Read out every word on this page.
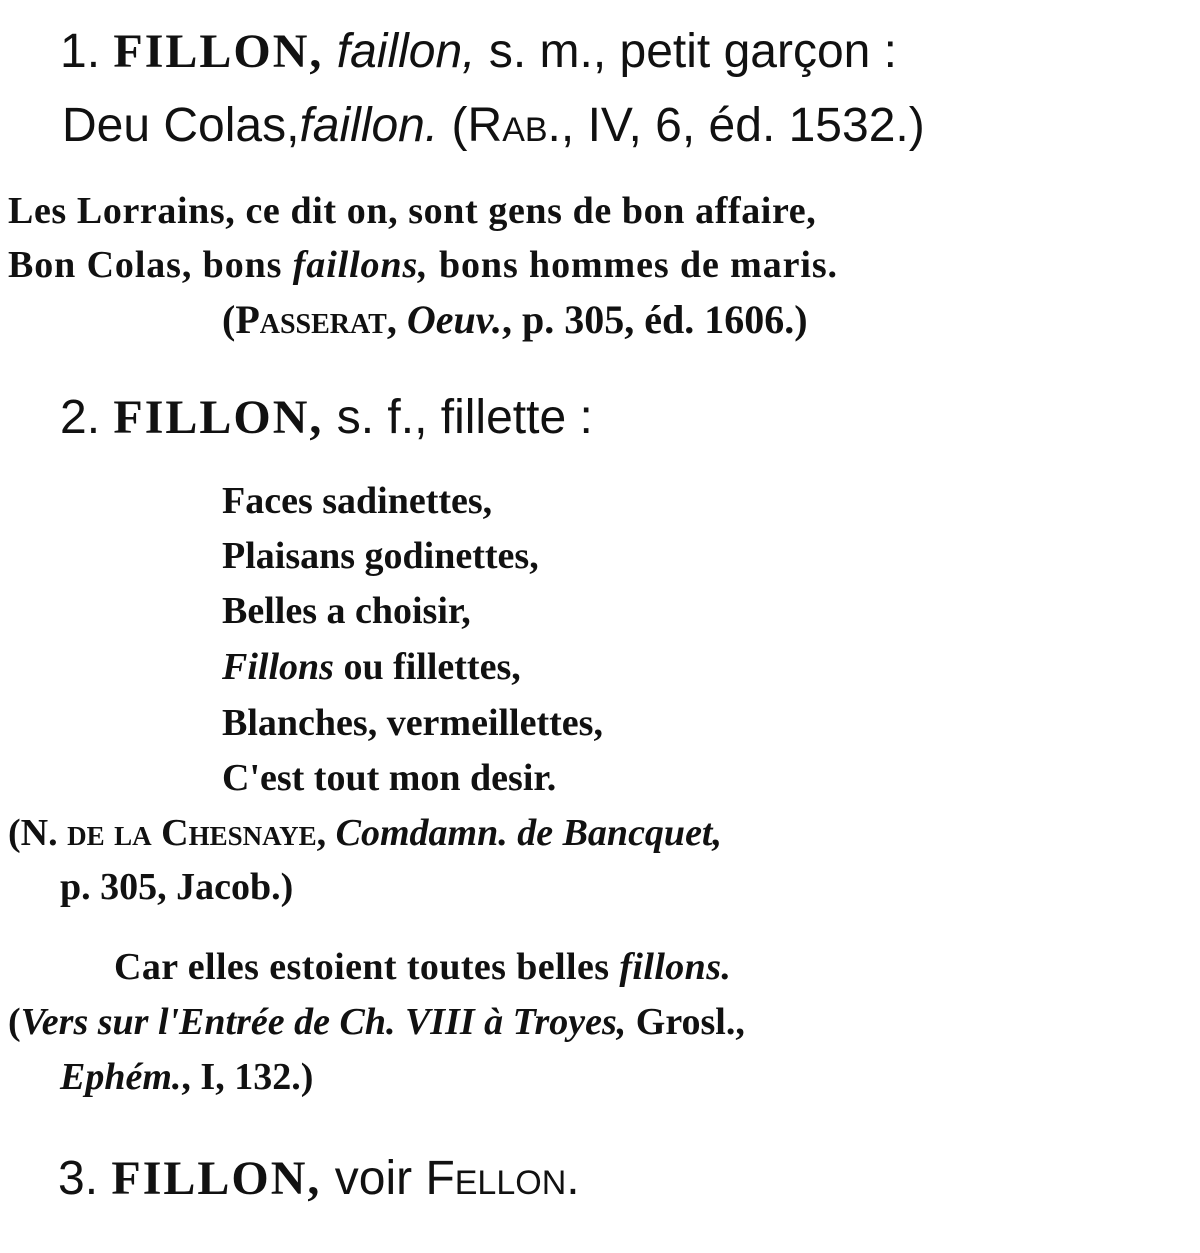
1. FILLON, faillon, s. m., petit garçon :
Deu Colas,faillon. (Rab., IV, 6, éd. 1532.)
Les Lorrains, ce dit on, sont gens de bon affaire,
Bon Colas, bons faillons, bons hommes de maris.
(Passerat, Oeuv., p. 305, éd. 1606.)
2. FILLON, s. f., fillette :
Faces sadinettes,
Plaisans godinettes,
Belles a choisir,
Fillons ou fillettes,
Blanches, vermeillettes,
C'est tout mon desir.
(N. de la Chesnaye, Comdamn. de Bancquet,
p. 305, Jacob.)
Car elles estoient toutes belles fillons.
(Vers sur l'Entrée de Ch. VIII à Troyes, Grosl.,
Ephém., I, 132.)
3. FILLON, voir Fellon.
